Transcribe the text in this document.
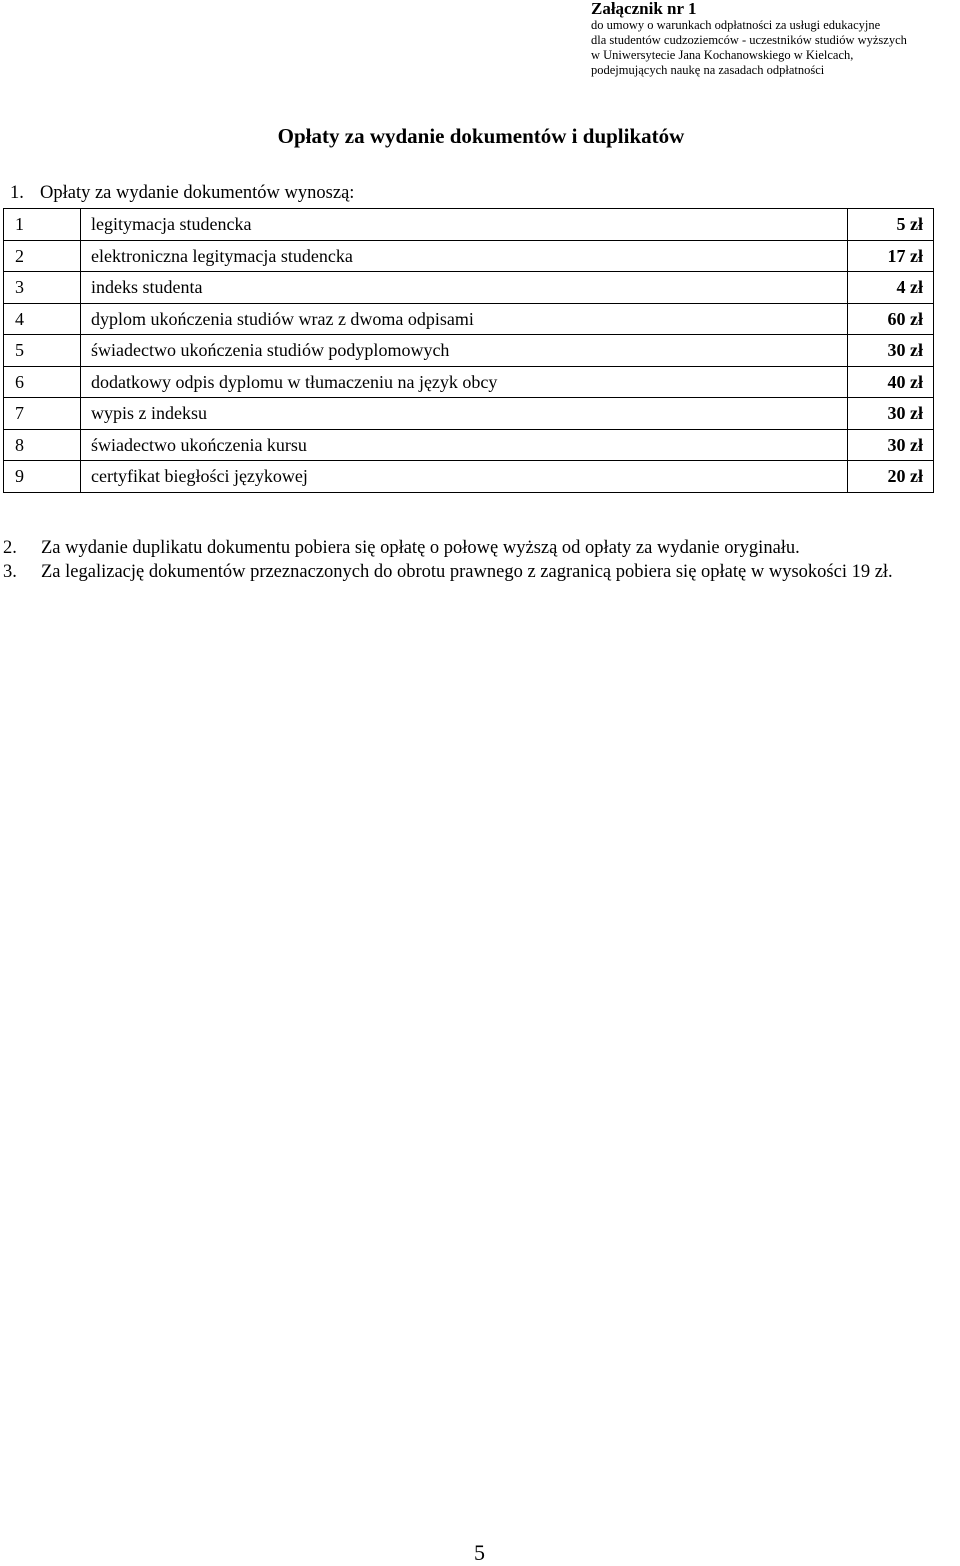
Załącznik nr 1
do umowy o warunkach odpłatności za usługi edukacyjne
dla studentów cudzoziemców - uczestników studiów wyższych
w Uniwersytecie Jana Kochanowskiego w Kielcach,
podejmujących naukę na zasadach odpłatności
Opłaty za wydanie dokumentów i duplikatów
1. Opłaty za wydanie dokumentów wynoszą:
1	legitymacja studencka	5 zł
2	elektroniczna legitymacja studencka	17 zł
3	indeks studenta	4 zł
4	dyplom ukończenia studiów wraz z dwoma odpisami	60 zł
5	świadectwo ukończenia studiów podyplomowych	30 zł
6	dodatkowy odpis dyplomu w tłumaczeniu na język obcy	40 zł
7	wypis z indeksu	30 zł
8	świadectwo ukończenia kursu	30 zł
9	certyfikat biegłości językowej	20 zł
2.	Za wydanie duplikatu dokumentu pobiera się opłatę o połowę wyższą od opłaty za wydanie oryginału.
3.	Za legalizację dokumentów przeznaczonych do obrotu prawnego z zagranicą pobiera się opłatę w wysokości 19 zł.
5
